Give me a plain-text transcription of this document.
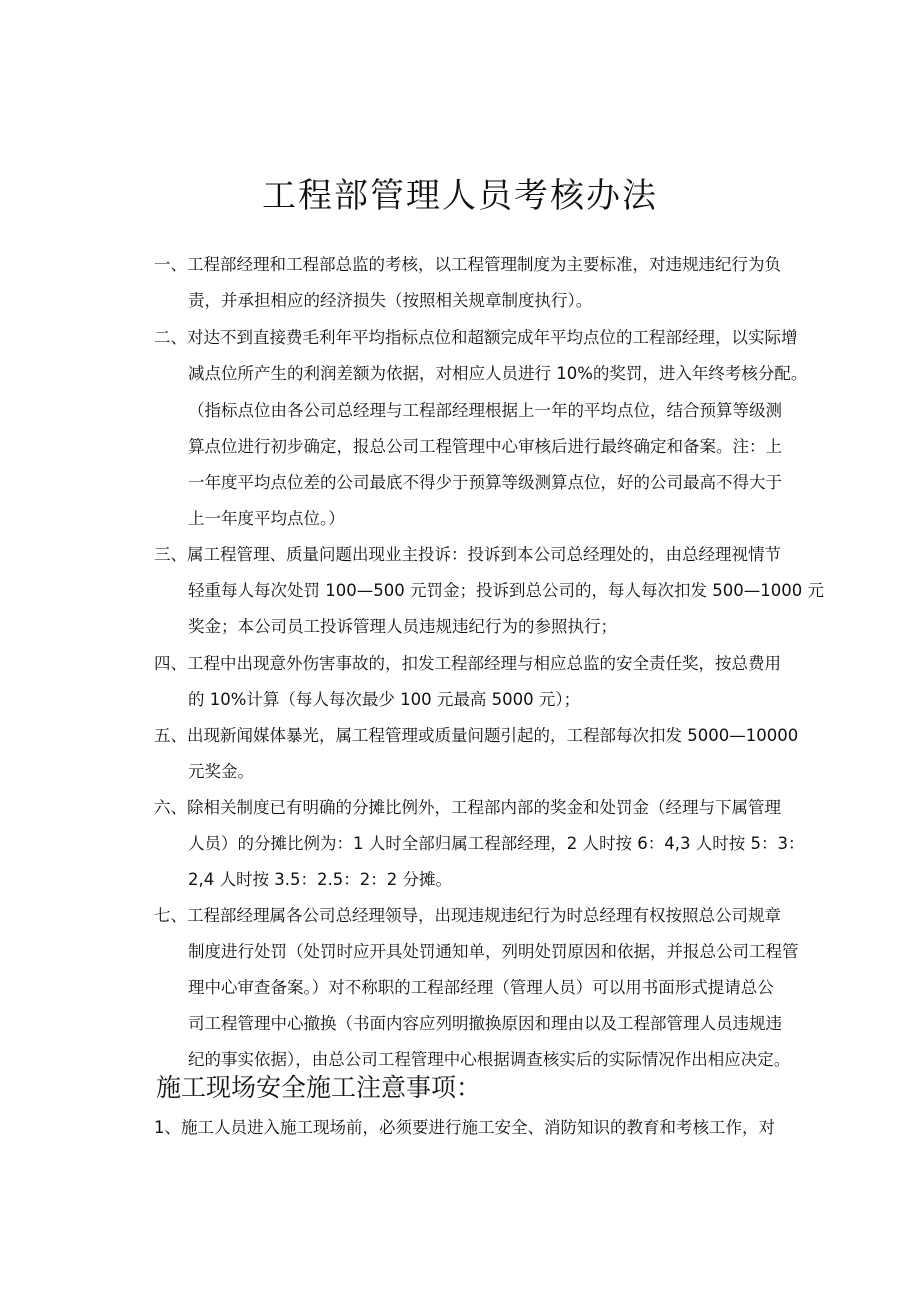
工程部管理人员考核办法
一、工程部经理和工程部总监的考核，以工程管理制度为主要标准，对违规违纪行为负
责，并承担相应的经济损失（按照相关规章制度执行）。
二、对达不到直接费毛利年平均指标点位和超额完成年平均点位的工程部经理，以实际增
减点位所产生的利润差额为依据，对相应人员进行 10%的奖罚，进入年终考核分配。
（指标点位由各公司总经理与工程部经理根据上一年的平均点位，结合预算等级测
算点位进行初步确定，报总公司工程管理中心审核后进行最终确定和备案。注：上
一年度平均点位差的公司最底不得少于预算等级测算点位，好的公司最高不得大于
上一年度平均点位。）
三、属工程管理、质量问题出现业主投诉：投诉到本公司总经理处的，由总经理视情节
轻重每人每次处罚 100—500 元罚金；投诉到总公司的，每人每次扣发 500—1000 元
奖金；本公司员工投诉管理人员违规违纪行为的参照执行；
四、工程中出现意外伤害事故的，扣发工程部经理与相应总监的安全责任奖，按总费用
的 10%计算（每人每次最少 100 元最高 5000 元）；
五、出现新闻媒体暴光，属工程管理或质量问题引起的，工程部每次扣发 5000—10000
元奖金。
六、除相关制度已有明确的分摊比例外，工程部内部的奖金和处罚金（经理与下属管理
人员）的分摊比例为：1 人时全部归属工程部经理，2 人时按 6：4,3 人时按 5：3：
2,4 人时按 3.5：2.5：2：2 分摊。
七、工程部经理属各公司总经理领导，出现违规违纪行为时总经理有权按照总公司规章
制度进行处罚（处罚时应开具处罚通知单，列明处罚原因和依据，并报总公司工程管
理中心审查备案。）对不称职的工程部经理（管理人员）可以用书面形式提请总公
司工程管理中心撤换（书面内容应列明撤换原因和理由以及工程部管理人员违规违
纪的事实依据），由总公司工程管理中心根据调查核实后的实际情况作出相应决定。
施工现场安全施工注意事项：
1、施工人员进入施工现场前，必须要进行施工安全、消防知识的教育和考核工作，对
